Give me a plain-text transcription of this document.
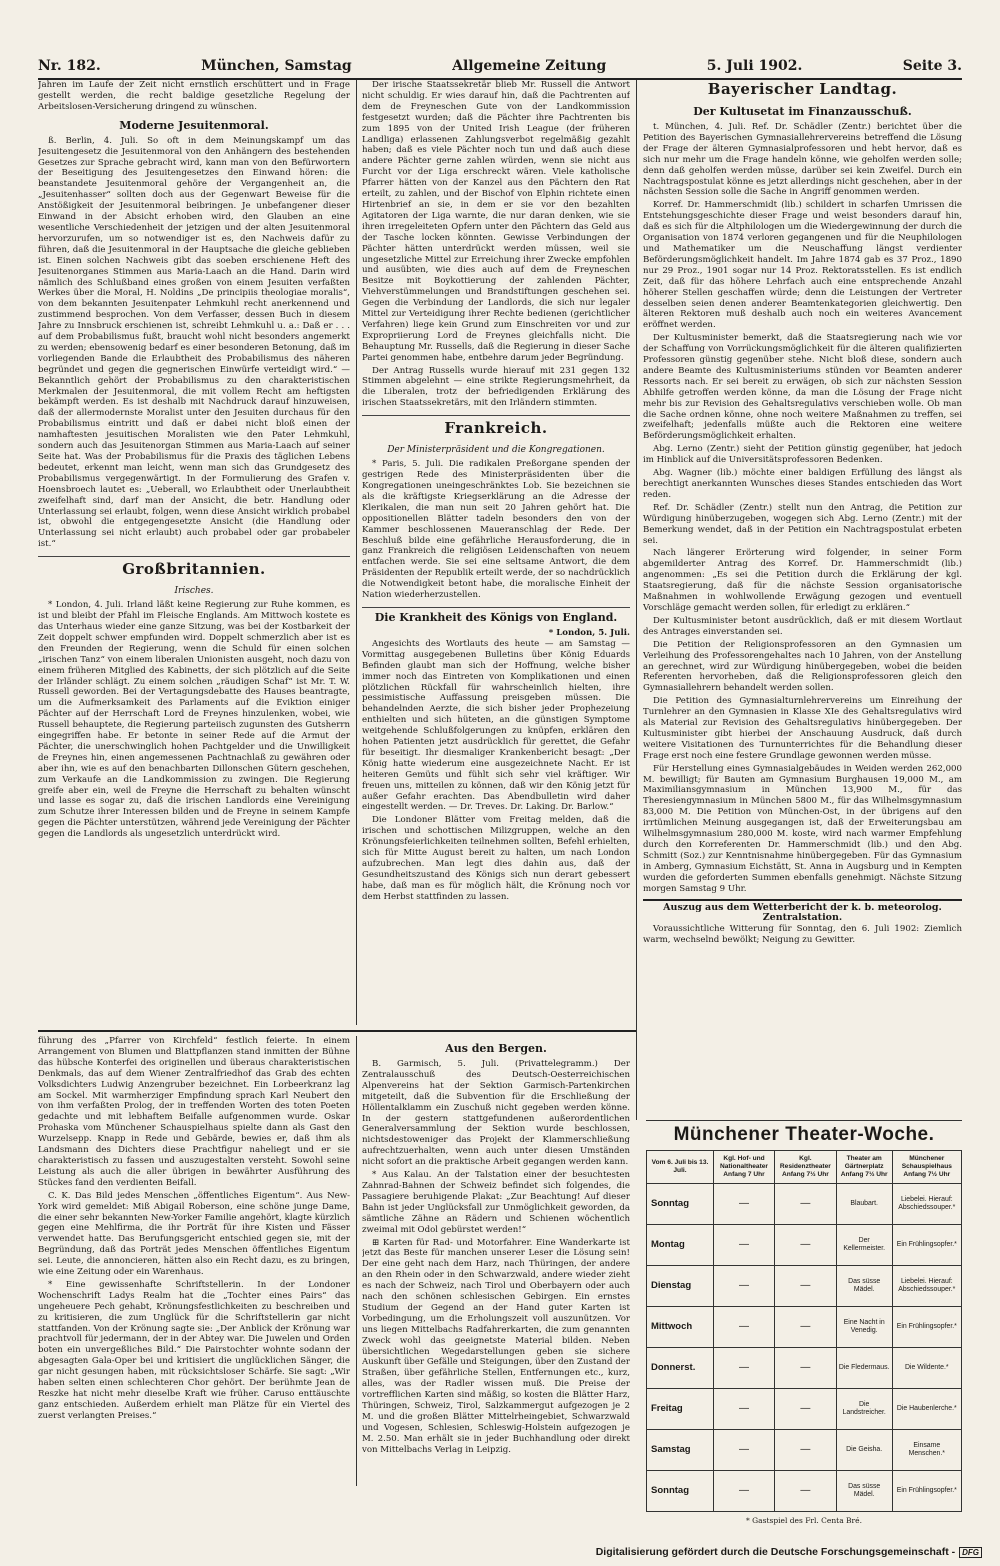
Nr. 182.	München, Samstag	Allgemeine Zeitung	5. Juli 1902.	Seite 3.

Jahren im Laufe der Zeit nicht ernstlich erschüttert und in Frage gestellt werden, die recht baldige gesetzliche Regelung der Arbeitslosen-Versicherung dringend zu wünschen.

Moderne Jesuitenmoral.

ß. Berlin, 4. Juli. So oft in dem Meinungskampf um das Jesuitengesetz die Jesuitenmoral von den Anhängern des bestehenden Gesetzes zur Sprache gebracht wird, kann man von den Befürwortern der Beseitigung des Jesuitengesetzes den Einwand hören: die beanstandete Jesuitenmoral gehöre der Vergangenheit an, die „Jesuitenhasser“ sollten doch aus der Gegenwart Beweise für die Anstößigkeit der Jesuitenmoral beibringen. Je unbefangener dieser Einwand in der Absicht erhoben wird, den Glauben an eine wesentliche Verschiedenheit der jetzigen und der alten Jesuitenmoral hervorzurufen, um so notwendiger ist es, den Nachweis dafür zu führen, daß die Jesuitenmoral in der Hauptsache die gleiche geblieben ist. Einen solchen Nachweis gibt das soeben erschienene Heft des Jesuitenorganes Stimmen aus Maria-Laach an die Hand. Darin wird nämlich des Schlußband eines großen von einem Jesuiten verfaßten Werkes über die Moral, H. Noldins „De principiis theologiae moralis“, von dem bekannten Jesuitenpater Lehmkuhl recht anerkennend und zustimmend besprochen. Von dem Verfasser, dessen Buch in diesem Jahre zu Innsbruck erschienen ist, schreibt Lehmkuhl u. a.: Daß er . . . auf dem Probabilismus fußt, braucht wohl nicht besonders angemerkt zu werden; ebensowenig bedarf es einer besonderen Betonung, daß im vorliegenden Bande die Erlaubtheit des Probabilismus des näheren begründet und gegen die gegnerischen Einwürfe verteidigt wird.“ — Bekanntlich gehört der Probabilismus zu den charakteristischen Merkmalen der Jesuitenmoral, die mit vollem Recht am heftigsten bekämpft werden. Es ist deshalb mit Nachdruck darauf hinzuweisen, daß der allermodernste Moralist unter den Jesuiten durchaus für den Probabilismus eintritt und daß er dabei nicht bloß einen der namhaftesten jesuitischen Moralisten wie den Pater Lehmkuhl, sondern auch das Jesuitenorgan Stimmen aus Maria-Laach auf seiner Seite hat. Was der Probabilismus für die Praxis des täglichen Lebens bedeutet, erkennt man leicht, wenn man sich das Grundgesetz des Probabilismus vergegenwärtigt. In der Formulierung des Grafen v. Hoensbroech lautet es: „Ueberall, wo Erlaubtheit oder Unerlaubtheit zweifelhaft sind, darf man der Ansicht, die betr. Handlung oder Unterlassung sei erlaubt, folgen, wenn diese Ansicht wirklich probabel ist, obwohl die entgegengesetzte Ansicht (die Handlung oder Unterlassung sei nicht erlaubt) auch probabel oder gar probabeler ist.“

Großbritannien.
Irisches.

* London, 4. Juli. Irland läßt keine Regierung zur Ruhe kommen, es ist und bleibt der Pfahl im Fleische Englands. Am Mittwoch kostete es das Unterhaus wieder eine ganze Sitzung, was bei der Kostbarkeit der Zeit doppelt schwer empfunden wird. Doppelt schmerzlich aber ist es den Freunden der Regierung, wenn die Schuld für einen solchen „irischen Tanz“ von einem liberalen Unionisten ausgeht, noch dazu von einem früheren Mitglied des Kabinetts, der sich plötzlich auf die Seite der Irländer schlägt. Zu einem solchen „räudigen Schaf“ ist Mr. T. W. Russell geworden. Bei der Vertagungsdebatte des Hauses beantragte, um die Aufmerksamkeit des Parlaments auf die Eviktion einiger Pächter auf der Herrschaft Lord de Freynes hinzulenken, wobei, wie Russell behauptete, die Regierung parteiisch zugunsten des Gutsherrn eingegriffen habe. Er betonte in seiner Rede auf die Armut der Pächter, die unerschwinglich hohen Pachtgelder und die Unwilligkeit de Freynes hin, einen angemessenen Pachtnachlaß zu gewähren oder aber ihn, wie es auf den benachbarten Dillonschen Gütern geschehen, zum Verkaufe an die Landkommission zu zwingen. Die Regierung greife aber ein, weil de Freyne die Herrschaft zu behalten wünscht und lasse es sogar zu, daß die irischen Landlords eine Vereinigung zum Schutze ihrer Interessen bilden und de Freyne in seinem Kampfe gegen die Pächter unterstützen, während jede Vereinigung der Pächter gegen die Landlords als ungesetzlich unterdrückt wird.

Der irische Staatssekretär blieb Mr. Russell die Antwort nicht schuldig. Er wies darauf hin, daß die Pachtrenten auf dem de Freyneschen Gute von der Landkommission festgesetzt wurden; daß die Pächter ihre Pachtrenten bis zum 1895 von der United Irish League (der früheren Landliga) erlassenen Zahlungsverbot regelmäßig gezahlt haben; daß es viele Pächter noch tun und daß auch diese andere Pächter gerne zahlen würden, wenn sie nicht aus Furcht vor der Liga erschreckt wären. Viele katholische Pfarrer hätten von der Kanzel aus den Pächtern den Rat erteilt, zu zahlen, und der Bischof von Elphin richtete einen Hirtenbrief an sie, in dem er sie vor den bezahlten Agitatoren der Liga warnte, die nur daran denken, wie sie ihren irregeleiteten Opfern unter den Pächtern das Geld aus der Tasche locken könnten. Gewisse Verbindungen der Pächter hätten unterdrückt werden müssen, weil sie ungesetzliche Mittel zur Erreichung ihrer Zwecke empfohlen und ausübten, wie dies auch auf dem de Freyneschen Besitze mit Boykottierung der zahlenden Pächter, Viehverstümmelungen und Brandstiftungen geschehen sei. Gegen die Verbindung der Landlords, die sich nur legaler Mittel zur Verteidigung ihrer Rechte bedienen (gerichtlicher Verfahren) liege kein Grund zum Einschreiten vor und zur Expropriierung Lord de Freynes gleichfalls nicht. Die Behauptung Mr. Russells, daß die Regierung in dieser Sache Partei genommen habe, entbehre darum jeder Begründung.

Der Antrag Russells wurde hierauf mit 231 gegen 132 Stimmen abgelehnt — eine strikte Regierungsmehrheit, da die Liberalen, trotz der befriedigenden Erklärung des irischen Staatssekretärs, mit den Irländern stimmten.

Frankreich.
Der Ministerpräsident und die Kongregationen.

* Paris, 5. Juli. Die radikalen Preßorgane spenden der gestrigen Rede des Ministerpräsidenten über die Kongregationen uneingeschränktes Lob. Sie bezeichnen sie als die kräftigste Kriegserklärung an die Adresse der Klerikalen, die man nun seit 20 Jahren gehört hat. Die oppositionellen Blätter tadeln besonders den von der Kammer beschlossenen Maueranschlag der Rede. Der Beschluß bilde eine gefährliche Herausforderung, die in ganz Frankreich die religiösen Leidenschaften von neuem entfachen werde. Sie sei eine seltsame Antwort, die dem Präsidenten der Republik erteilt werde, der so nachdrücklich die Notwendigkeit betont habe, die moralische Einheit der Nation wiederherzustellen.

Die Krankheit des Königs von England.
* London, 5. Juli.

Angesichts des Wortlauts des heute — am Samstag — Vormittag ausgegebenen Bulletins über König Eduards Befinden glaubt man sich der Hoffnung, welche bisher immer noch das Eintreten von Komplikationen und einen plötzlichen Rückfall für wahrscheinlich hielten, ihre pessimistische Auffassung preisgeben müssen. Die behandelnden Aerzte, die sich bisher jeder Prophezeiung enthielten und sich hüteten, an die günstigen Symptome weitgehende Schlußfolgerungen zu knüpfen, erklären den hohen Patienten jetzt ausdrücklich für gerettet, die Gefahr für beseitigt. Ihr diesmaliger Krankenbericht besagt: „Der König hatte wiederum eine ausgezeichnete Nacht. Er ist heiteren Gemüts und fühlt sich sehr viel kräftiger. Wir freuen uns, mitteilen zu können, daß wir den König jetzt für außer Gefahr erachten. Das Abendbulletin wird daher eingestellt werden. — Dr. Treves. Dr. Laking. Dr. Barlow.“

Die Londoner Blätter vom Freitag melden, daß die irischen und schottischen Milizgruppen, welche an den Krönungsfeierlichkeiten teilnehmen sollten, Befehl erhielten, sich für Mitte August bereit zu halten, um nach London aufzubrechen. Man legt dies dahin aus, daß der Gesundheitszustand des Königs sich nun derart gebessert habe, daß man es für möglich hält, die Krönung noch vor dem Herbst stattfinden zu lassen.

Bayerischer Landtag.
Der Kultusetat im Finanzausschuß.

t. München, 4. Juli. Ref. Dr. Schädler (Zentr.) berichtet über die Petition des Bayerischen Gymnasiallehrervereins betreffend die Lösung der Frage der älteren Gymnasialprofessoren und hebt hervor, daß es sich nur mehr um die Frage handeln könne, wie geholfen werden solle; denn daß geholfen werden müsse, darüber sei kein Zweifel. Durch ein Nachtragspostulat könne es jetzt allerdings nicht geschehen, aber in der nächsten Session solle die Sache in Angriff genommen werden.

Korref. Dr. Hammerschmidt (lib.) schildert in scharfen Umrissen die Entstehungsgeschichte dieser Frage und weist besonders darauf hin, daß es sich für die Altphilologen um die Wiedergewinnung der durch die Organisation von 1874 verloren gegangenen und für die Neuphilologen und Mathematiker um die Neuschaffung längst verdienter Beförderungsmöglichkeit handelt. Im Jahre 1874 gab es 37 Proz., 1890 nur 29 Proz., 1901 sogar nur 14 Proz. Rektoratsstellen. Es ist endlich Zeit, daß für das höhere Lehrfach auch eine entsprechende Anzahl höherer Stellen geschaffen würde; denn die Leistungen der Vertreter desselben seien denen anderer Beamtenkategorien gleichwertig. Den älteren Rektoren muß deshalb auch noch ein weiteres Avancement eröffnet werden.

Der Kultusminister bemerkt, daß die Staatsregierung nach wie vor der Schaffung von Vorrückungsmöglichkeit für die älteren qualifizierten Professoren günstig gegenüber stehe. Nicht bloß diese, sondern auch andere Beamte des Kultusministeriums stünden vor Beamten anderer Ressorts nach. Er sei bereit zu erwägen, ob sich zur nächsten Session Abhilfe getroffen werden könne, da man die Lösung der Frage nicht mehr bis zur Revision des Gehaltsregulativs verschieben wolle. Ob man die Sache ordnen könne, ohne noch weitere Maßnahmen zu treffen, sei zweifelhaft; jedenfalls müßte auch die Rektoren eine weitere Beförderungsmöglichkeit erhalten.

Abg. Lerno (Zentr.) sieht der Petition günstig gegenüber, hat jedoch im Hinblick auf die Universitätsprofessoren Bedenken.

Abg. Wagner (lib.) möchte einer baldigen Erfüllung des längst als berechtigt anerkannten Wunsches dieses Standes entschieden das Wort reden.

Ref. Dr. Schädler (Zentr.) stellt nun den Antrag, die Petition zur Würdigung hinüberzugeben, wogegen sich Abg. Lerno (Zentr.) mit der Bemerkung wendet, daß in der Petition ein Nachtragspostulat erbeten sei.

Nach längerer Erörterung wird folgender, in seiner Form abgemilderter Antrag des Korref. Dr. Hammerschmidt (lib.) angenommen: „Es sei die Petition durch die Erklärung der kgl. Staatsregierung, daß für die nächste Session organisatorische Maßnahmen in wohlwollende Erwägung gezogen und eventuell Vorschläge gemacht werden sollen, für erledigt zu erklären.“

Der Kultusminister betont ausdrücklich, daß er mit diesem Wortlaut des Antrages einverstanden sei.

Die Petition der Religionsprofessoren an den Gymnasien um Verleihung des Professorengehaltes nach 10 Jahren, von der Anstellung an gerechnet, wird zur Würdigung hinübergegeben, wobei die beiden Referenten hervorheben, daß die Religionsprofessoren gleich den Gymnasiallehrern behandelt werden sollen.

Die Petition des Gymnasialturnlehrervereins um Einreihung der Turnlehrer an den Gymnasien in Klasse XIe des Gehaltsregulativs wird als Material zur Revision des Gehaltsregulativs hinübergegeben. Der Kultusminister gibt hierbei der Anschauung Ausdruck, daß durch weitere Visitationen des Turnunterrichtes für die Behandlung dieser Frage erst noch eine festere Grundlage gewonnen werden müsse.

Für Herstellung eines Gymnasialgebäudes in Weiden werden 262,000 M. bewilligt; für Bauten am Gymnasium Burghausen 19,000 M., am Maximiliansgymnasium in München 13,900 M., für das Theresiengymnasium in München 5800 M., für das Wilhelmsgymnasium 83,000 M. Die Petition von München-Ost, in der übrigens auf den irrtümlichen Meinung ausgegangen ist, daß der Erweiterungsbau am Wilhelmsgymnasium 280,000 M. koste, wird nach warmer Empfehlung durch den Korreferenten Dr. Hammerschmidt (lib.) und den Abg. Schmitt (Soz.) zur Kenntnisnahme hinübergegeben. Für das Gymnasium in Amberg, Gymnasium Eichstätt, St. Anna in Augsburg und in Kempten wurden die geforderten Summen ebenfalls genehmigt. Nächste Sitzung morgen Samstag 9 Uhr.

Auszug aus dem Wetterbericht der k. b. meteorolog. Zentralstation.

Voraussichtliche Witterung für Sonntag, den 6. Juli 1902: Ziemlich warm, wechselnd bewölkt; Neigung zu Gewitter.

führung des „Pfarrer von Kirchfeld“ festlich feierte. In einem Arrangement von Blumen und Blattpflanzen stand inmitten der Bühne das hübsche Konterfei des originellen und überaus charakteristischen Denkmals, das auf dem Wiener Zentralfriedhof das Grab des echten Volksdichters Ludwig Anzengruber bezeichnet. Ein Lorbeerkranz lag am Sockel. Mit warmherziger Empfindung sprach Karl Neubert den von ihm verfaßten Prolog, der in treffenden Worten des toten Poeten gedachte und mit lebhaftem Beifalle aufgenommen wurde. Oskar Prohaska vom Münchener Schauspielhaus spielte dann als Gast den Wurzelsepp. Knapp in Rede und Gebärde, bewies er, daß ihm als Landsmann des Dichters diese Prachtfigur naheliegt und er sie charakteristisch zu fassen und auszugestalten versteht. Sowohl seine Leistung als auch die aller übrigen in bewährter Ausführung des Stückes fand den verdienten Beifall.

C. K. Das Bild jedes Menschen „öffentliches Eigentum“. Aus New-York wird gemeldet: Miß Abigail Roberson, eine schöne junge Dame, die einer sehr bekannten New-Yorker Familie angehört, klagte kürzlich gegen eine Mehlfirma, die ihr Porträt für ihre Kisten und Fässer verwendet hatte. Das Berufungsgericht entschied gegen sie, mit der Begründung, daß das Porträt jedes Menschen öffentliches Eigentum sei. Leute, die annoncieren, hätten also ein Recht dazu, es zu bringen, wie eine Zeitung oder ein Warenhaus.

* Eine gewissenhafte Schriftstellerin. In der Londoner Wochenschrift Ladys Realm hat die „Tochter eines Pairs“ das ungeheuere Pech gehabt, Krönungsfestlichkeiten zu beschreiben und zu kritisieren, die zum Unglück für die Schriftstellerin gar nicht stattfanden. Von der Krönung sagte sie: „Der Anblick der Krönung war prachtvoll für jedermann, der in der Abtey war. Die Juwelen und Orden boten ein unvergeßliches Bild.“ Die Pairstochter wohnte sodann der abgesagten Gala-Oper bei und kritisiert die unglücklichen Sänger, die gar nicht gesungen haben, mit rücksichtsloser Schärfe. Sie sagt: „Wir haben selten einen schlechteren Chor gehört. Der berühmte Jean de Reszke hat nicht mehr dieselbe Kraft wie früher. Caruso enttäuschte ganz entschieden. Außerdem erhielt man Plätze für ein Viertel des zuerst verlangten Preises.“

Aus den Bergen.

B. Garmisch, 5. Juli. (Privattelegramm.) Der Zentralausschuß des Deutsch-Oesterreichischen Alpenvereins hat der Sektion Garmisch-Partenkirchen mitgeteilt, daß die Subvention für die Erschließung der Höllentalklamm ein Zuschuß nicht gegeben werden könne. In der gestern stattgefundenen außerordentlichen Generalversammlung der Sektion wurde beschlossen, nichtsdestoweniger das Projekt der Klammerschließung aufrechtzuerhalten, wenn auch unter diesen Umständen nicht sofort an die praktische Arbeit gegangen werden kann.

* Aus Kalau. An der Talstation einer der besuchtesten Zahnrad-Bahnen der Schweiz befindet sich folgendes, die Passagiere beruhigende Plakat: „Zur Beachtung! Auf dieser Bahn ist jeder Unglücksfall zur Unmöglichkeit geworden, da sämtliche Zähne an Rädern und Schienen wöchentlich zweimal mit Odol gebürstet werden!“

⊞ Karten für Rad- und Motorfahrer. Eine Wanderkarte ist jetzt das Beste für manchen unserer Leser die Lösung sein! Der eine geht nach dem Harz, nach Thüringen, der andere an den Rhein oder in den Schwarzwald, andere wieder zieht es nach der Schweiz, nach Tirol und Oberbayern oder auch nach den schönen schlesischen Gebirgen. Ein ernstes Studium der Gegend an der Hand guter Karten ist Vorbedingung, um die Erholungszeit voll auszunützen. Vor uns liegen Mittelbachs Radfahrerkarten, die zum genannten Zweck wohl das geeignetste Material bilden. Neben übersichtlichen Wegedarstellungen geben sie sichere Auskunft über Gefälle und Steigungen, über den Zustand der Straßen, über gefährliche Stellen, Entfernungen etc., kurz, alles, was der Radler wissen muß. Die Preise der vortrefflichen Karten sind mäßig, so kosten die Blätter Harz, Thüringen, Schweiz, Tirol, Salzkammergut aufgezogen je 2 M. und die großen Blätter Mittelrheingebiet, Schwarzwald und Vogesen, Schlesien, Schleswig-Holstein aufgezogen je M. 2.50. Man erhält sie in jeder Buchhandlung oder direkt von Mittelbachs Verlag in Leipzig.

Münchener Theater-Woche.
Vom 6. Juli bis 13. Juli.	Kgl. Hof- und Nationaltheater Anfang 7 Uhr	Kgl. Residenztheater Anfang 7½ Uhr	Theater am Gärtnerplatz Anfang 7½ Uhr	Münchener Schauspielhaus Anfang 7½ Uhr
Sonntag	—	—	Blaubart.	Liebelei. Hierauf: Abschiedssouper.*
Montag	—	—	Der Kellermeister.	Ein Frühlingsopfer.*
Dienstag	—	—	Das süsse Mädel.	Liebelei. Hierauf: Abschiedssouper.*
Mittwoch	—	—	Eine Nacht in Venedig.	Ein Frühlingsopfer.*
Donnerst.	—	—	Die Fledermaus.	Die Wildente.*
Freitag	—	—	Die Landstreicher.	Die Haubenlerche.*
Samstag	—	—	Die Geisha.	Einsame Menschen.*
Sonntag	—	—	Das süsse Mädel.	Ein Frühlingsopfer.*
* Gastspiel des Frl. Centa Bré.
Digitalisierung gefördert durch die Deutsche Forschungsgemeinschaft - DFG
